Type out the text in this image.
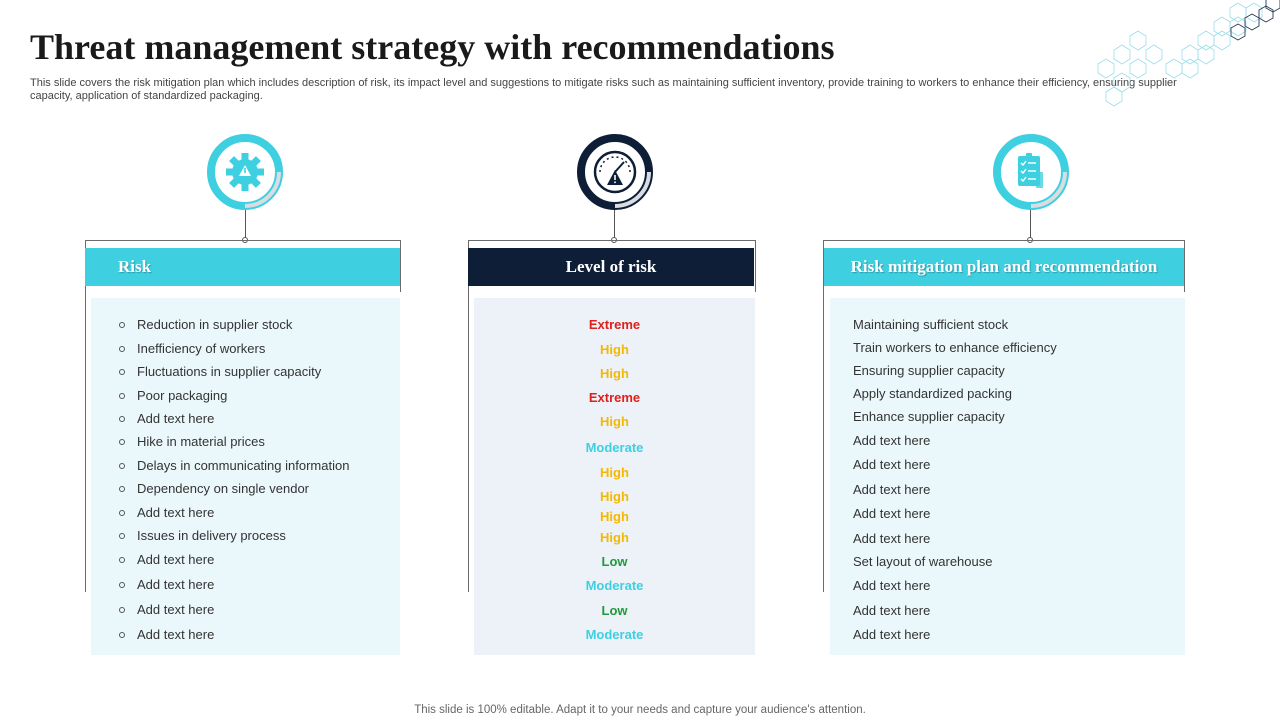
Threat management strategy with recommendations
This slide covers the risk mitigation plan which includes description of risk, its impact level and suggestions to mitigate risks such as maintaining sufficient inventory, provide training to workers to enhance their efficiency, ensuring supplier capacity, application of standardized packaging.
Risk	Level of risk	Risk mitigation plan and recommendation
Reduction in supplier stock
Inefficiency of workers
Fluctuations in supplier capacity
Poor packaging
Add text here
Hike in material prices
Delays in communicating information
Dependency on single vendor
Add text here
Issues in delivery process
Add text here
Add text here
Add text here
Add text here
Extreme
High
High
Extreme
High
Moderate
High
High
High
High
Low
Moderate
Low
Moderate
Maintaining sufficient stock
Train workers to enhance efficiency
Ensuring supplier capacity
Apply standardized packing
Enhance supplier capacity
Add text here
Add text here
Add text here
Add text here
Add text here
Set layout of warehouse
Add text here
Add text here
Add text here
This slide is 100% editable. Adapt it to your needs and capture your audience's attention.
